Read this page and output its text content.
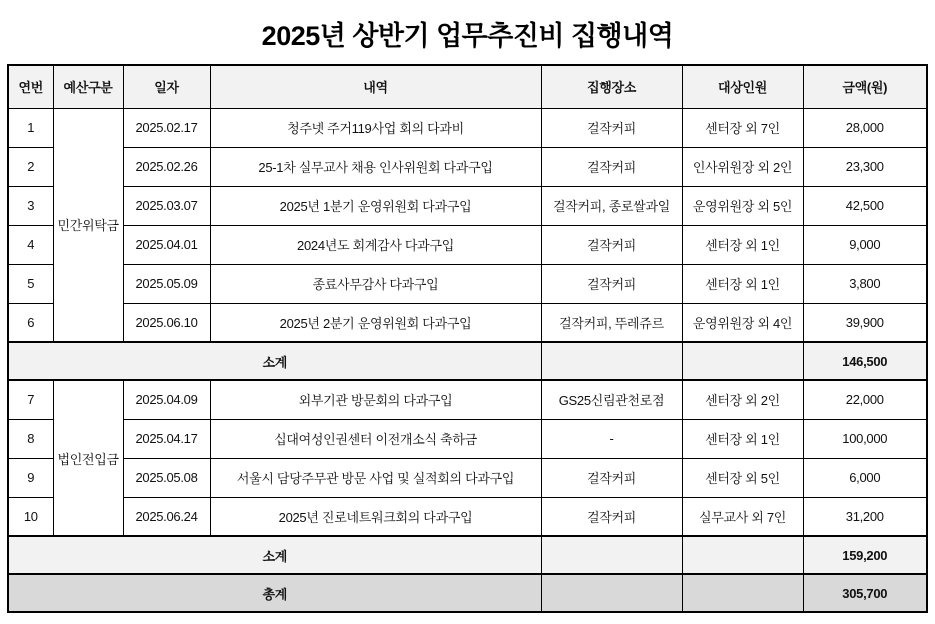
2025년 상반기 업무추진비 집행내역
연번	예산구분	일자	내역	집행장소	대상인원	금액(원)
1	민간위탁금	2025.02.17	청주넷 주거119사업 회의 다과비	걸작커피	센터장 외 7인	28,000
2		2025.02.26	25-1차 실무교사 채용 인사위원회 다과구입	걸작커피	인사위원장 외 2인	23,300
3		2025.03.07	2025년 1분기 운영위원회 다과구입	걸작커피, 종로쌀과일	운영위원장 외 5인	42,500
4		2025.04.01	2024년도 회계감사 다과구입	걸작커피	센터장 외 1인	9,000
5		2025.05.09	종료사무감사 다과구입	걸작커피	센터장 외 1인	3,800
6		2025.06.10	2025년 2분기 운영위원회 다과구입	걸작커피, 뚜레쥬르	운영위원장 외 4인	39,900
소계						146,500
7	법인전입금	2025.04.09	외부기관 방문회의 다과구입	GS25신림관천로점	센터장 외 2인	22,000
8		2025.04.17	십대여성인권센터 이전개소식 축하금	-	센터장 외 1인	100,000
9		2025.05.08	서울시 담당주무관 방문 사업 및 실적회의 다과구입	걸작커피	센터장 외 5인	6,000
10		2025.06.24	2025년 진로네트워크회의 다과구입	걸작커피	실무교사 외 7인	31,200
소계						159,200
총계						305,700
